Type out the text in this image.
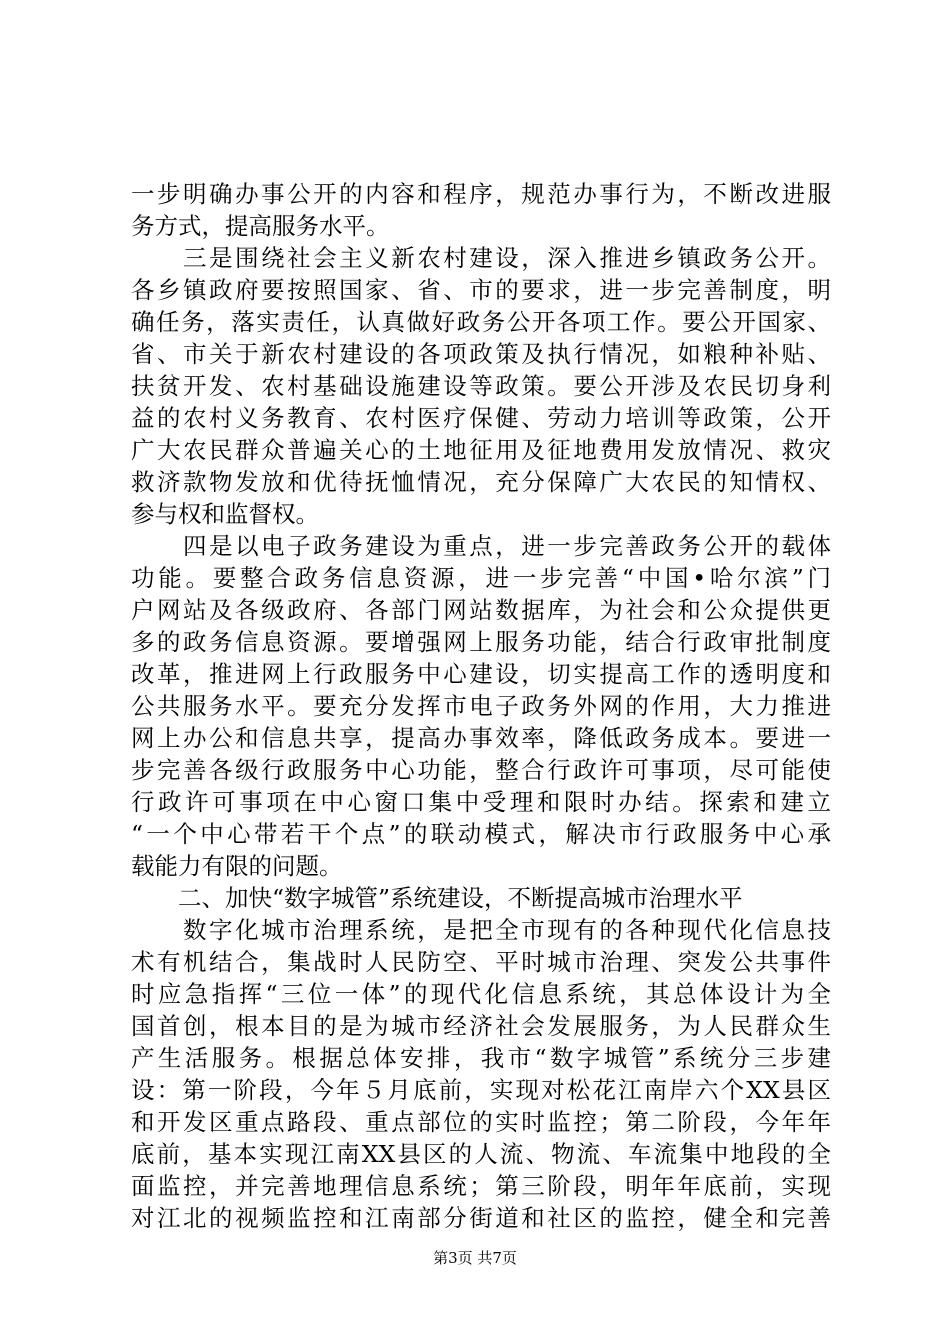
一步明确办事公开的内容和程序，规范办事行为，不断改进服
务方式，提高服务水平。
　　三是围绕社会主义新农村建设，深入推进乡镇政务公开。
各乡镇政府要按照国家、省、市的要求，进一步完善制度，明
确任务，落实责任，认真做好政务公开各项工作。要公开国家、
省、市关于新农村建设的各项政策及执行情况，如粮种补贴、
扶贫开发、农村基础设施建设等政策。要公开涉及农民切身利
益的农村义务教育、农村医疗保健、劳动力培训等政策，公开
广大农民群众普遍关心的土地征用及征地费用发放情况、救灾
救济款物发放和优待抚恤情况，充分保障广大农民的知情权、
参与权和监督权。
　　四是以电子政务建设为重点，进一步完善政务公开的载体
功能。要整合政务信息资源，进一步完善“中国•哈尔滨”门
户网站及各级政府、各部门网站数据库，为社会和公众提供更
多的政务信息资源。要增强网上服务功能，结合行政审批制度
改革，推进网上行政服务中心建设，切实提高工作的透明度和
公共服务水平。要充分发挥市电子政务外网的作用，大力推进
网上办公和信息共享，提高办事效率，降低政务成本。要进一
步完善各级行政服务中心功能，整合行政许可事项，尽可能使
行政许可事项在中心窗口集中受理和限时办结。探索和建立
“一个中心带若干个点”的联动模式，解决市行政服务中心承
载能力有限的问题。
　　二、加快“数字城管”系统建设，不断提高城市治理水平
　　数字化城市治理系统，是把全市现有的各种现代化信息技
术有机结合，集战时人民防空、平时城市治理、突发公共事件
时应急指挥“三位一体”的现代化信息系统，其总体设计为全
国首创，根本目的是为城市经济社会发展服务，为人民群众生
产生活服务。根据总体安排，我市“数字城管”系统分三步建
设：第一阶段，今年５月底前，实现对松花江南岸六个XX县区
和开发区重点路段、重点部位的实时监控；第二阶段，今年年
底前，基本实现江南XX县区的人流、物流、车流集中地段的全
面监控，并完善地理信息系统；第三阶段，明年年底前，实现
对江北的视频监控和江南部分街道和社区的监控，健全和完善
第3页 共7页
